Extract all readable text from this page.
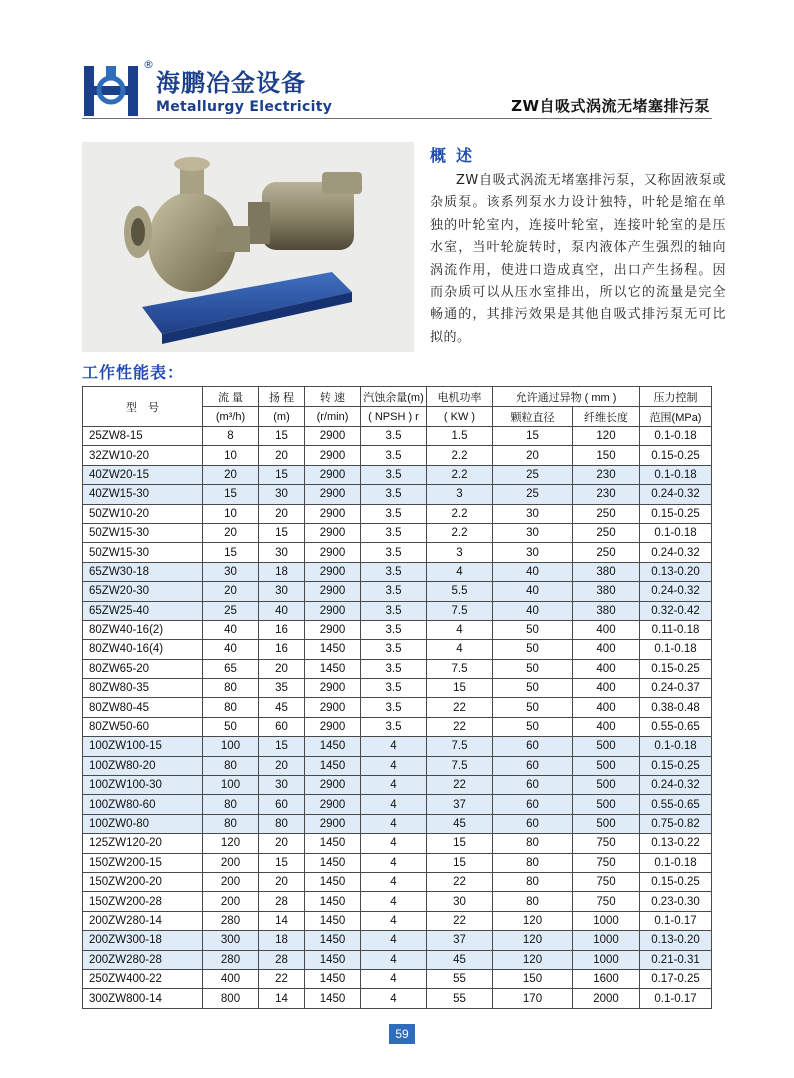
®
海鹏冶金设备
Metallurgy Electricity	ZW自吸式涡流无堵塞排污泵
概述
ZW自吸式涡流无堵塞排污泵，又称固液泵或杂质泵。该系列泵水力设计独特，叶轮是缩在单独的叶轮室内，连接叶轮室，连接叶轮室的是压水室，当叶轮旋转时，泵内液体产生强烈的轴向涡流作用，使进口造成真空，出口产生扬程。因而杂质可以从压水室排出，所以它的流量是完全畅通的，其排污效果是其他自吸式排污泵无可比拟的。
工作性能表：
型　号	流 量	扬 程	转 速	汽蚀余量(m)	电机功率	允许通过异物 ( mm )		压力控制
	(m³/h)	(m)	(r/min)	( NPSH ) r	( KW )	颗粒直径	纤维长度	范围(MPa)
25ZW8-15	8	15	2900	3.5	1.5	15	120	0.1-0.18
32ZW10-20	10	20	2900	3.5	2.2	20	150	0.15-0.25
40ZW20-15	20	15	2900	3.5	2.2	25	230	0.1-0.18
40ZW15-30	15	30	2900	3.5	3	25	230	0.24-0.32
50ZW10-20	10	20	2900	3.5	2.2	30	250	0.15-0.25
50ZW15-30	20	15	2900	3.5	2.2	30	250	0.1-0.18
50ZW15-30	15	30	2900	3.5	3	30	250	0.24-0.32
65ZW30-18	30	18	2900	3.5	4	40	380	0.13-0.20
65ZW20-30	20	30	2900	3.5	5.5	40	380	0.24-0.32
65ZW25-40	25	40	2900	3.5	7.5	40	380	0.32-0.42
80ZW40-16(2)	40	16	2900	3.5	4	50	400	0.11-0.18
80ZW40-16(4)	40	16	1450	3.5	4	50	400	0.1-0.18
80ZW65-20	65	20	1450	3.5	7.5	50	400	0.15-0.25
80ZW80-35	80	35	2900	3.5	15	50	400	0.24-0.37
80ZW80-45	80	45	2900	3.5	22	50	400	0.38-0.48
80ZW50-60	50	60	2900	3.5	22	50	400	0.55-0.65
100ZW100-15	100	15	1450	4	7.5	60	500	0.1-0.18
100ZW80-20	80	20	1450	4	7.5	60	500	0.15-0.25
100ZW100-30	100	30	2900	4	22	60	500	0.24-0.32
100ZW80-60	80	60	2900	4	37	60	500	0.55-0.65
100ZW0-80	80	80	2900	4	45	60	500	0.75-0.82
125ZW120-20	120	20	1450	4	15	80	750	0.13-0.22
150ZW200-15	200	15	1450	4	15	80	750	0.1-0.18
150ZW200-20	200	20	1450	4	22	80	750	0.15-0.25
150ZW200-28	200	28	1450	4	30	80	750	0.23-0.30
200ZW280-14	280	14	1450	4	22	120	1000	0.1-0.17
200ZW300-18	300	18	1450	4	37	120	1000	0.13-0.20
200ZW280-28	280	28	1450	4	45	120	1000	0.21-0.31
250ZW400-22	400	22	1450	4	55	150	1600	0.17-0.25
300ZW800-14	800	14	1450	4	55	170	2000	0.1-0.17
59
